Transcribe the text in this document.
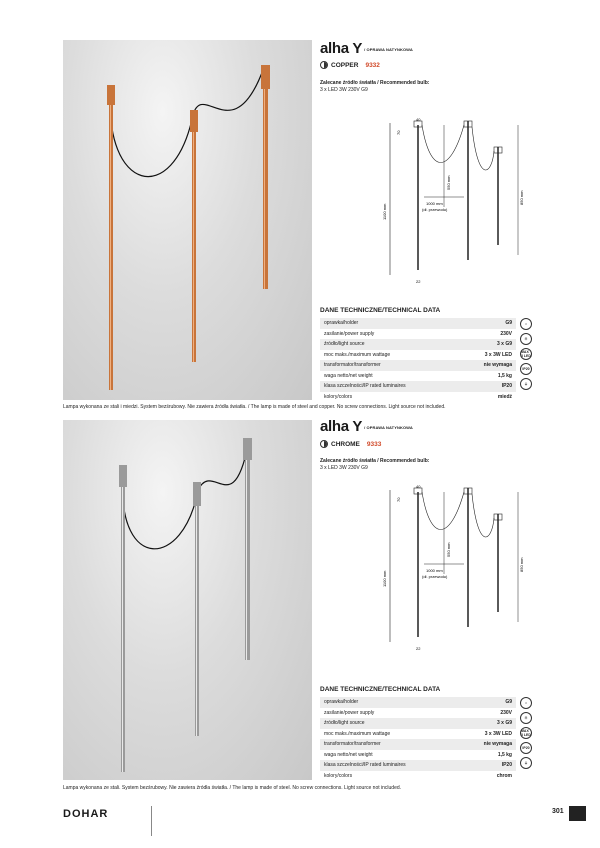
Lampa wykonana ze stali i miedzi. System bezśrubowy. Nie zawiera źródła światła. / The lamp is made of steel and copper. No screw connections. Light source not included.
alha Y / OPRAWA NATYNKOWA
COPPER 9332
Zalecane źródło światła / Recommended bulb:
3 x LED 3W 230V G9
40
70
1000 mm
(dł. przewodu)
550 mm
850 mm
1100 mm
22
DANE TECHNICZNE/TECHNICAL DATA
oprawka/holder	G9
zasilanie/power supply	230V
źródło/light source	3 x G9
moc maks./maximum wattage	3 x 3W LED
transformator/transformer	nie wymaga
waga netto/net weight	1,5 kg
klasa szczelności/IP rated luminaires	IP20
kolory/colors	miedź
⌂
⊓
MAX 3 LED
IP20
⏚
Lampa wykonana ze stali. System bezśrubowy. Nie zawiera źródła światła. / The lamp is made of steel. No screw connections. Light source not included.
alha Y / OPRAWA NATYNKOWA
CHROME 9333
Zalecane źródło światła / Recommended bulb:
3 x LED 3W 230V G9
40
70
1000 mm
(dł. przewodu)
550 mm
850 mm
1100 mm
22
DANE TECHNICZNE/TECHNICAL DATA
oprawka/holder	G9
zasilanie/power supply	230V
źródło/light source	3 x G9
moc maks./maximum wattage	3 x 3W LED
transformator/transformer	nie wymaga
waga netto/net weight	1,5 kg
klasa szczelności/IP rated luminaires	IP20
kolory/colors	chrom
⌂
⊓
MAX 3 LED
IP20
⏚
DOHAR	301
